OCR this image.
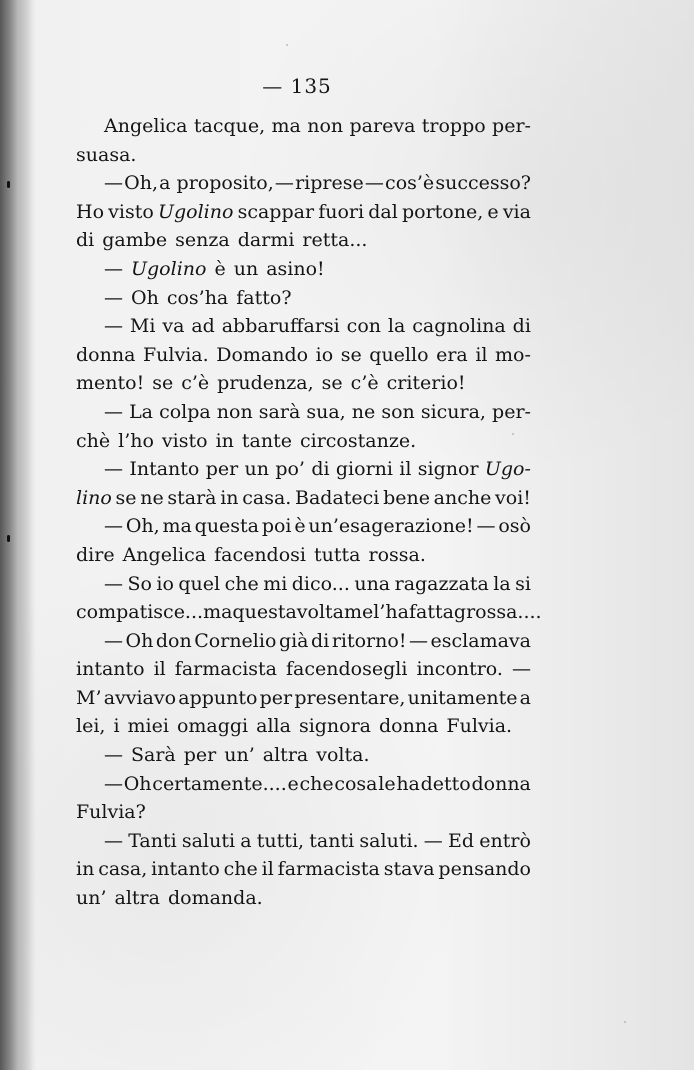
— 135
Angelica tacque, ma non pareva troppo per-
suasa.
— Oh, a proposito, — riprese — cos’è successo?
Ho visto Ugolino scappar fuori dal portone, e via
di gambe senza darmi retta...
— Ugolino è un asino!
— Oh cos’ha fatto?
— Mi va ad abbaruffarsi con la cagnolina di
donna Fulvia. Domando io se quello era il mo-
mento! se c’è prudenza, se c’è criterio!
— La colpa non sarà sua, ne son sicura, per-
chè l’ho visto in tante circostanze.
— Intanto per un po’ di giorni il signor Ugo-
lino se ne starà in casa. Badateci bene anche voi!
— Oh, ma questa poi è un’esagerazione! — osò
dire Angelica facendosi tutta rossa.
— So io quel che mi dico... una ragazzata la si
compatisce... ma questa volta me l’ha fatta grossa....
— Oh don Cornelio già di ritorno! — esclamava
intanto il farmacista facendosegli incontro. —
M’ avviavo appunto per presentare, unitamente a
lei, i miei omaggi alla signora donna Fulvia.
— Sarà per un’ altra volta.
— Oh certamente.... e che cosa le ha detto donna
Fulvia?
— Tanti saluti a tutti, tanti saluti. — Ed entrò
in casa, intanto che il farmacista stava pensando
un’ altra domanda.
